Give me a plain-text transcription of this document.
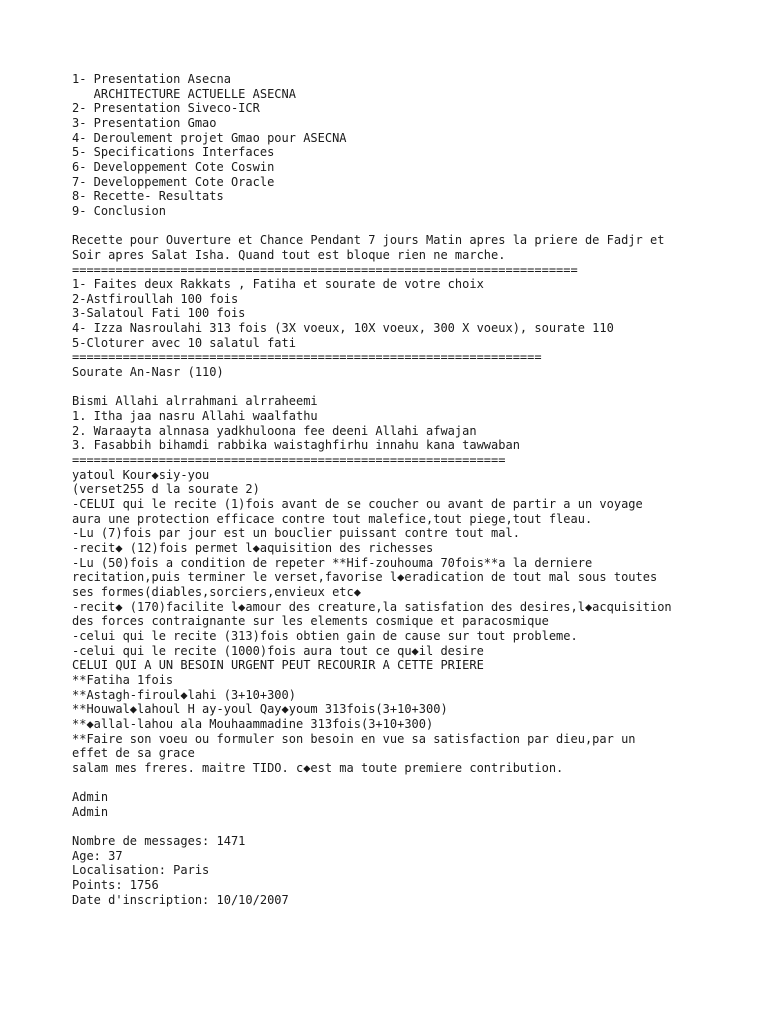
1- Presentation Asecna
ARCHITECTURE ACTUELLE ASECNA
2- Presentation Siveco-ICR
3- Presentation Gmao
4- Deroulement projet Gmao pour ASECNA
5- Specifications Interfaces
6- Developpement Cote Coswin
7- Developpement Cote Oracle
8- Recette- Resultats
9- Conclusion
Recette pour Ouverture et Chance Pendant 7 jours Matin apres la priere de Fadjr et
Soir apres Salat Isha. Quand tout est bloque rien ne marche.
======================================================================
1- Faites deux Rakkats , Fatiha et sourate de votre choix
2-Astfiroullah 100 fois
3-Salatoul Fati 100 fois
4- Izza Nasroulahi 313 fois (3X voeux, 10X voeux, 300 X voeux), sourate 110
5-Cloturer avec 10 salatul fati
=================================================================
Sourate An-Nasr (110)
Bismi Allahi alrrahmani alrraheemi
1. Itha jaa nasru Allahi waalfathu
2. Waraayta alnnasa yadkhuloona fee deeni Allahi afwajan
3. Fasabbih bihamdi rabbika waistaghfirhu innahu kana tawwaban
============================================================
yatoul Kour◆siy-you
(verset255 d la sourate 2)
-CELUI qui le recite (1)fois avant de se coucher ou avant de partir a un voyage
aura une protection efficace contre tout malefice,tout piege,tout fleau.
-Lu (7)fois par jour est un bouclier puissant contre tout mal.
-recit◆ (12)fois permet l◆aquisition des richesses
-Lu (50)fois a condition de repeter **Hif-zouhouma 70fois**a la derniere
recitation,puis terminer le verset,favorise l◆eradication de tout mal sous toutes
ses formes(diables,sorciers,envieux etc◆
-recit◆ (170)facilite l◆amour des creature,la satisfation des desires,l◆acquisition
des forces contraignante sur les elements cosmique et paracosmique
-celui qui le recite (313)fois obtien gain de cause sur tout probleme.
-celui qui le recite (1000)fois aura tout ce qu◆il desire
CELUI QUI A UN BESOIN URGENT PEUT RECOURIR A CETTE PRIERE
**Fatiha 1fois
**Astagh-firoul◆lahi (3+10+300)
**Houwal◆lahoul H ay-youl Qay◆youm 313fois(3+10+300)
**◆allal-lahou ala Mouhaammadine 313fois(3+10+300)
**Faire son voeu ou formuler son besoin en vue sa satisfaction par dieu,par un
effet de sa grace
salam mes freres. maitre TIDO. c◆est ma toute premiere contribution.
Admin
Admin
Nombre de messages: 1471
Age: 37
Localisation: Paris
Points: 1756
Date d'inscription: 10/10/2007
